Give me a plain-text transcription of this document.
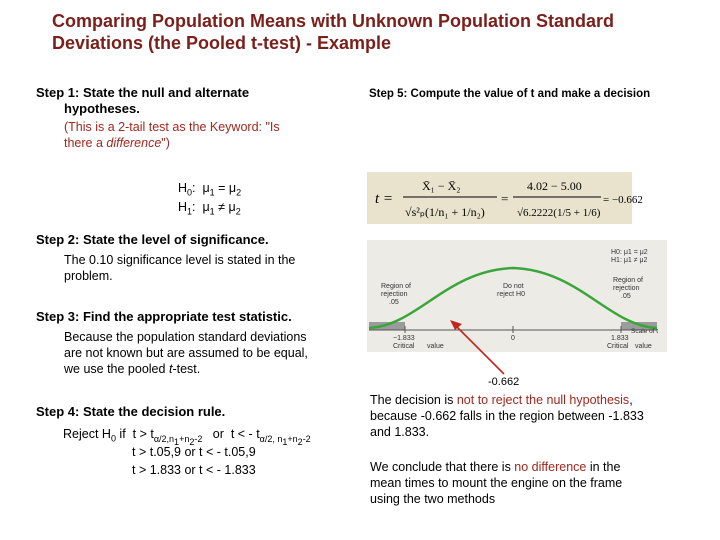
Comparing Population Means with Unknown Population Standard Deviations (the Pooled t-test) - Example
Step 1: State the null and alternate
hypotheses.
(This is a 2-tail test as the Keyword: "Is
there a difference")
$H_0$:  $\mu_1 = \mu_2$
$H_1$:  $\mu_1 \ne \mu_2$
Step 2: State the level of significance.
The 0.10 significance level is stated in the
problem.
Step 3: Find the appropriate test statistic.
Because the population standard deviations
are not known but are assumed to be equal,
we use the pooled t-test.
Step 4: State the decision rule.
Reject $H_0$ if  $t > t_{\alpha/2,n_1+n_2-2}$   or  t < - $t_{\alpha/2, n_1+n_2-2}$
t > t.05,9 or t < - t.05,9
t > 1.833 or t < - 1.833
Step 5: Compute the value of t and make a decision
t =
X̄₁ − X̄₂
√s²ₚ(1/n₁ + 1/n₂)
=
4.02 − 5.00
√6.2222(1/5 + 1/6)
= −0.662
Region of rejection .05
Do not reject H0
Region of rejection .05
H0: μ1 = μ2 H1: μ1 ≠ μ2
−1.833	0	1.833
Critical value	Critical value
Scale of t
-0.662
The decision is not to reject the null hypothesis,
because -0.662 falls in the region between -1.833
and 1.833.
We conclude that there is no difference in the
mean times to mount the engine on the frame
using the two methods
